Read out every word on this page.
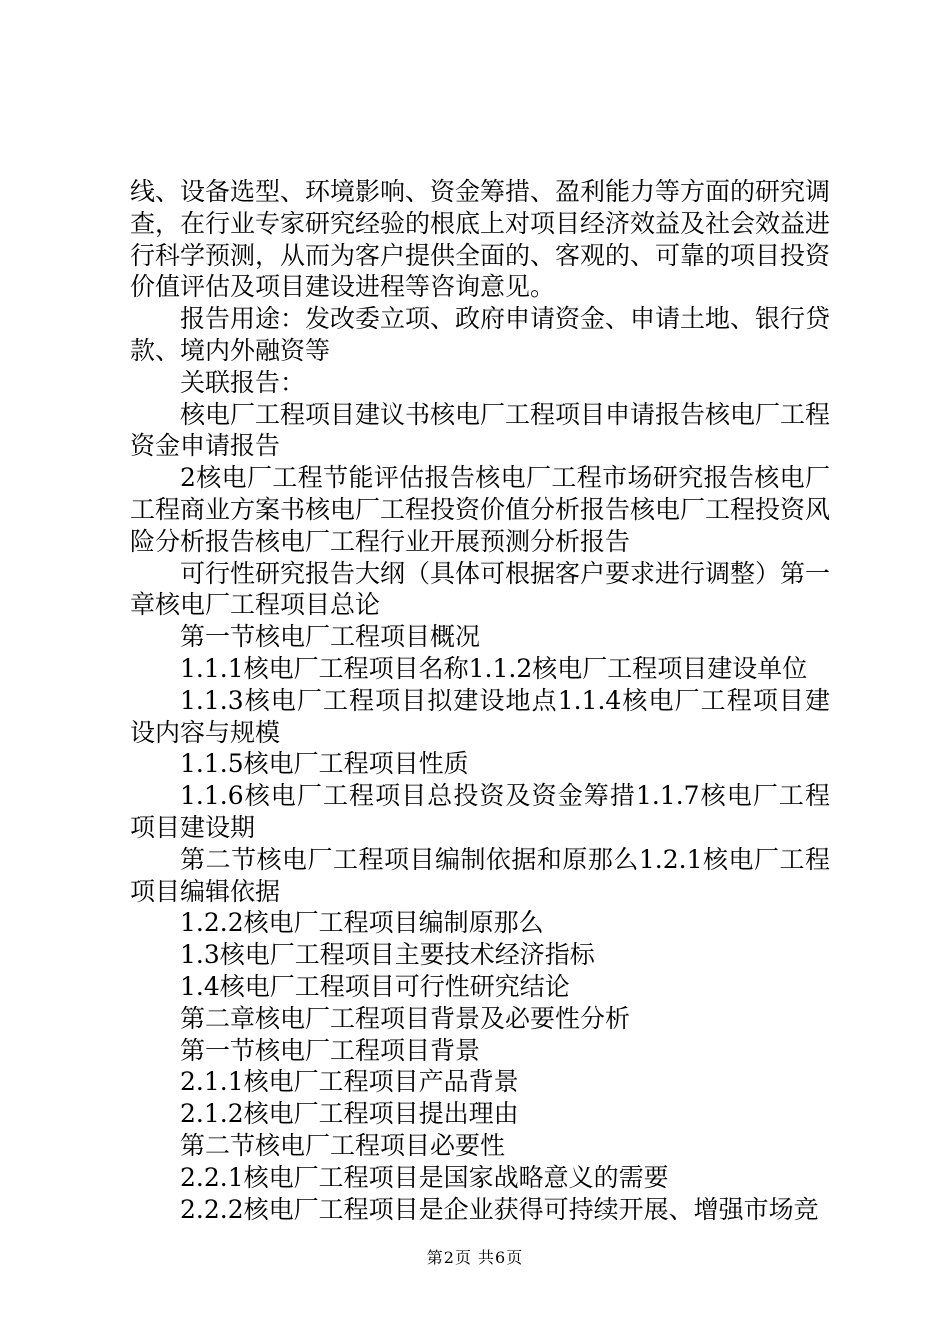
线、设备选型、环境影响、资金筹措、盈利能力等方面的研究调查，在行业专家研究经验的根底上对项目经济效益及社会效益进行科学预测，从而为客户提供全面的、客观的、可靠的项目投资价值评估及项目建设进程等咨询意见。

报告用途：发改委立项、政府申请资金、申请土地、银行贷款、境内外融资等

关联报告：

核电厂工程项目建议书核电厂工程项目申请报告核电厂工程资金申请报告

2核电厂工程节能评估报告核电厂工程市场研究报告核电厂工程商业方案书核电厂工程投资价值分析报告核电厂工程投资风险分析报告核电厂工程行业开展预测分析报告

可行性研究报告大纲（具体可根据客户要求进行调整）第一章核电厂工程项目总论

第一节核电厂工程项目概况

1.1.1核电厂工程项目名称1.1.2核电厂工程项目建设单位

1.1.3核电厂工程项目拟建设地点1.1.4核电厂工程项目建设内容与规模

1.1.5核电厂工程项目性质

1.1.6核电厂工程项目总投资及资金筹措1.1.7核电厂工程项目建设期

第二节核电厂工程项目编制依据和原那么1.2.1核电厂工程项目编辑依据

1.2.2核电厂工程项目编制原那么

1.3核电厂工程项目主要技术经济指标

1.4核电厂工程项目可行性研究结论

第二章核电厂工程项目背景及必要性分析

第一节核电厂工程项目背景

2.1.1核电厂工程项目产品背景

2.1.2核电厂工程项目提出理由

第二节核电厂工程项目必要性

2.2.1核电厂工程项目是国家战略意义的需要

2.2.2核电厂工程项目是企业获得可持续开展、增强市场竞

第2页 共6页
